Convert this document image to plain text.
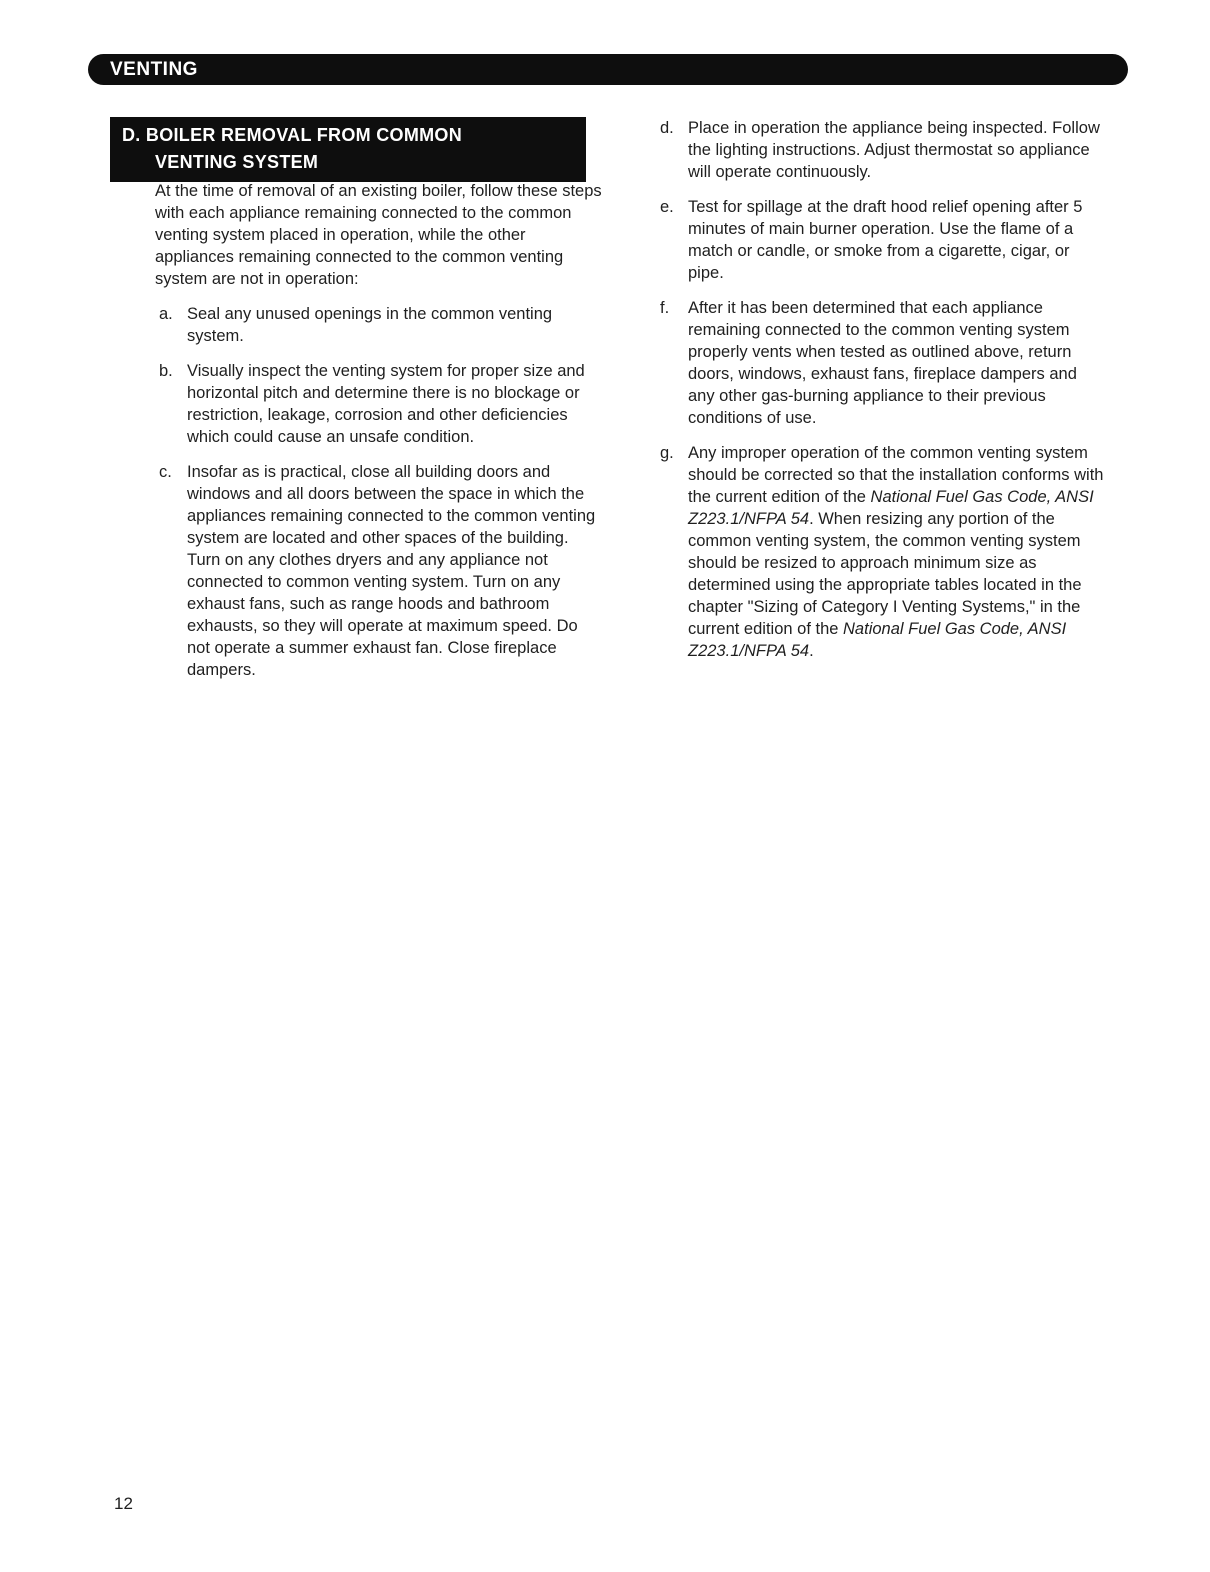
VENTING
D. BOILER REMOVAL FROM COMMON
VENTING SYSTEM

At the time of removal of an existing boiler, follow these steps with each appliance remaining connected to the common venting system placed in operation, while the other appliances remaining connected to the common venting system are not in operation:

a. Seal any unused openings in the common venting system.
b. Visually inspect the venting system for proper size and horizontal pitch and determine there is no blockage or restriction, leakage, corrosion and other deficiencies which could cause an unsafe condition.
c. Insofar as is practical, close all building doors and windows and all doors between the space in which the appliances remaining connected to the common venting system are located and other spaces of the building. Turn on any clothes dryers and any appliance not connected to common venting system. Turn on any exhaust fans, such as range hoods and bathroom exhausts, so they will operate at maximum speed. Do not operate a summer exhaust fan. Close fireplace dampers.
d. Place in operation the appliance being inspected. Follow the lighting instructions. Adjust thermostat so appliance will operate continuously.
e. Test for spillage at the draft hood relief opening after 5 minutes of main burner operation. Use the flame of a match or candle, or smoke from a cigarette, cigar, or pipe.
f.	After it has been determined that each appliance remaining connected to the common venting system properly vents when tested as outlined above, return doors, windows, exhaust fans, fireplace dampers and any other gas-burning appliance to their previous conditions of use.
g. Any improper operation of the common venting system should be corrected so that the installation conforms with the current edition of the National Fuel Gas Code, ANSI Z223.1/NFPA 54. When resizing any portion of the common venting system, the common venting system should be resized to approach minimum size as determined using the appropriate tables located in the chapter "Sizing of Category I Venting Systems," in the current edition of the National Fuel Gas Code, ANSI Z223.1/NFPA 54.
12
